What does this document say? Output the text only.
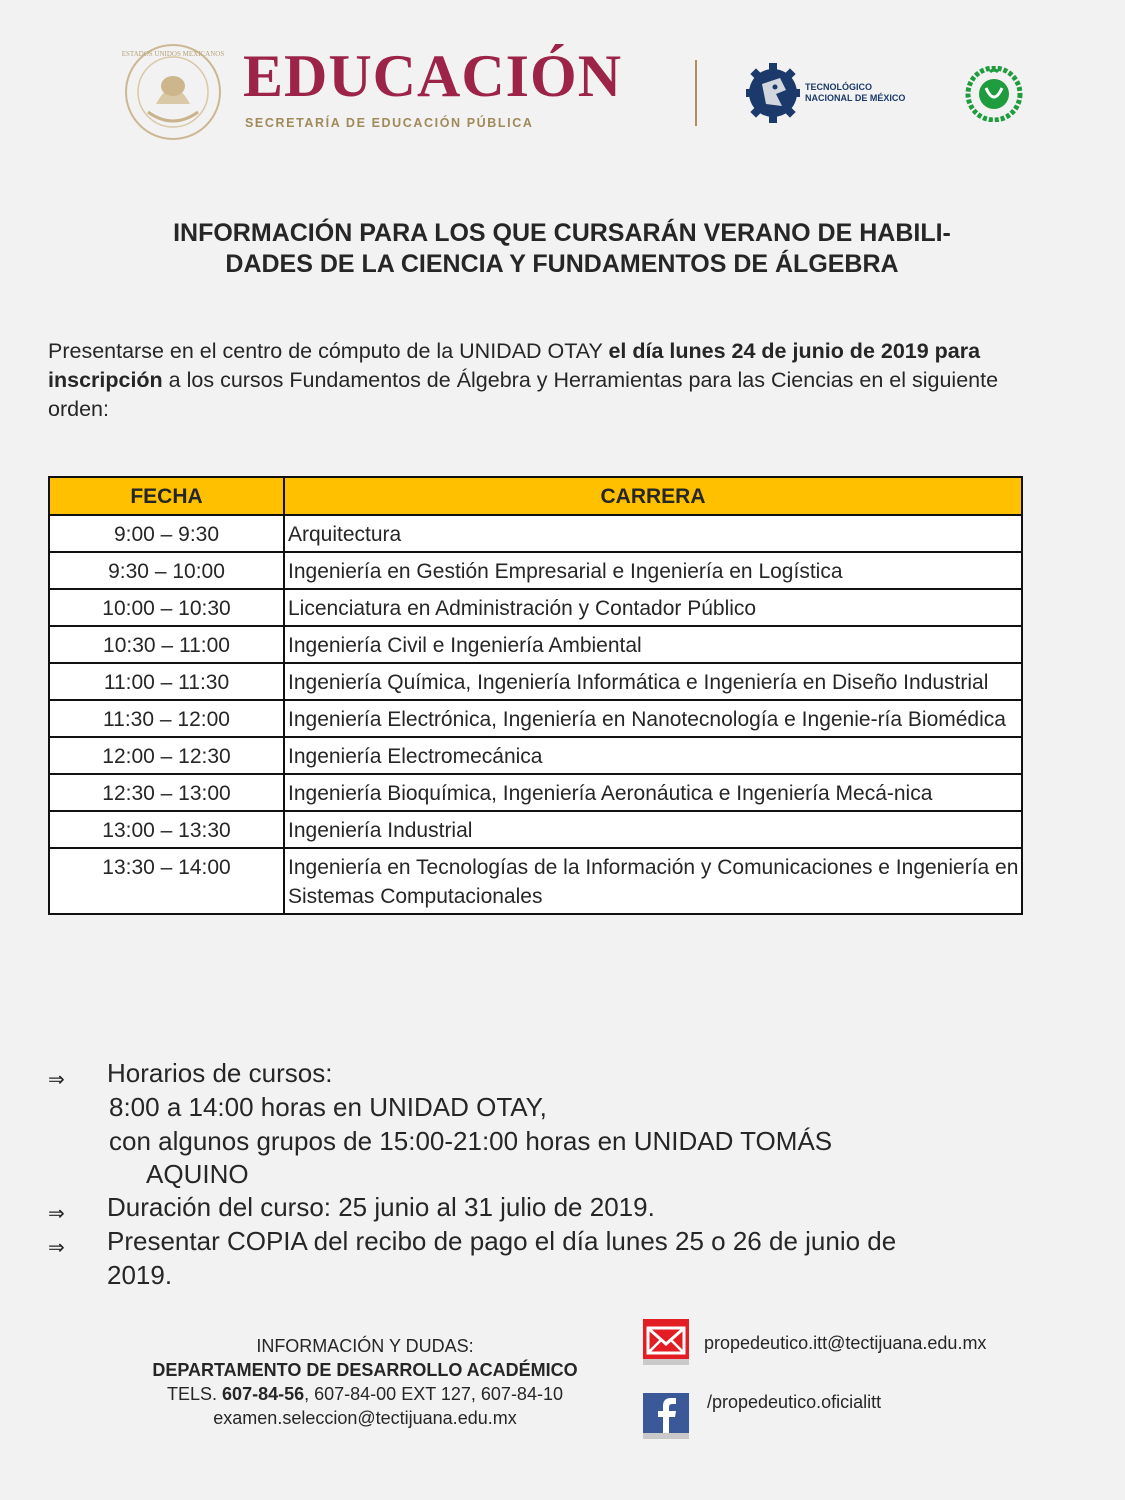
ESTADOS UNIDOS MEXICANOS EDUCACIÓN
SECRETARÍA DE EDUCACIÓN PÚBLICA
TECNOLÓGICO
NACIONAL DE MÉXICO
INFORMACIÓN PARA LOS QUE CURSARÁN VERANO DE HABILI-
DADES DE LA CIENCIA Y FUNDAMENTOS DE ÁLGEBRA
Presentarse en el centro de cómputo de la UNIDAD OTAY el día lunes 24 de junio de 2019 para inscripción a los cursos Fundamentos de Álgebra y Herramientas para las Ciencias en el siguiente orden:
FECHA	CARRERA
9:00 – 9:30	Arquitectura
9:30 – 10:00	Ingeniería en Gestión Empresarial e Ingeniería en Logística
10:00 – 10:30	Licenciatura en Administración y Contador Público
10:30 – 11:00	Ingeniería Civil e Ingeniería Ambiental
11:00 – 11:30	Ingeniería Química, Ingeniería Informática e Ingeniería en Diseño Industrial
11:30 – 12:00	Ingeniería Electrónica, Ingeniería en Nanotecnología e Ingenie-ría Biomédica
12:00 – 12:30	Ingeniería Electromecánica
12:30 – 13:00	Ingeniería Bioquímica, Ingeniería Aeronáutica e Ingeniería Mecá-nica
13:00 – 13:30	Ingeniería Industrial
13:30 – 14:00	Ingeniería en Tecnologías de la Información y Comunicaciones e Ingeniería en Sistemas Computacionales
⇒ Horarios de cursos:
8:00 a 14:00 horas en UNIDAD OTAY,
con algunos grupos de 15:00-21:00 horas en UNIDAD TOMÁS
AQUINO
⇒ Duración del curso: 25 junio al 31 julio de 2019.
⇒ Presentar COPIA del recibo de pago el día lunes 25 o 26 de junio de
2019.
INFORMACIÓN Y DUDAS:
DEPARTAMENTO DE DESARROLLO ACADÉMICO
TELS. 607-84-56, 607-84-00 EXT 127, 607-84-10
examen.seleccion@tectijuana.edu.mx
propedeutico.itt@tectijuana.edu.mx
/propedeutico.oficialitt
